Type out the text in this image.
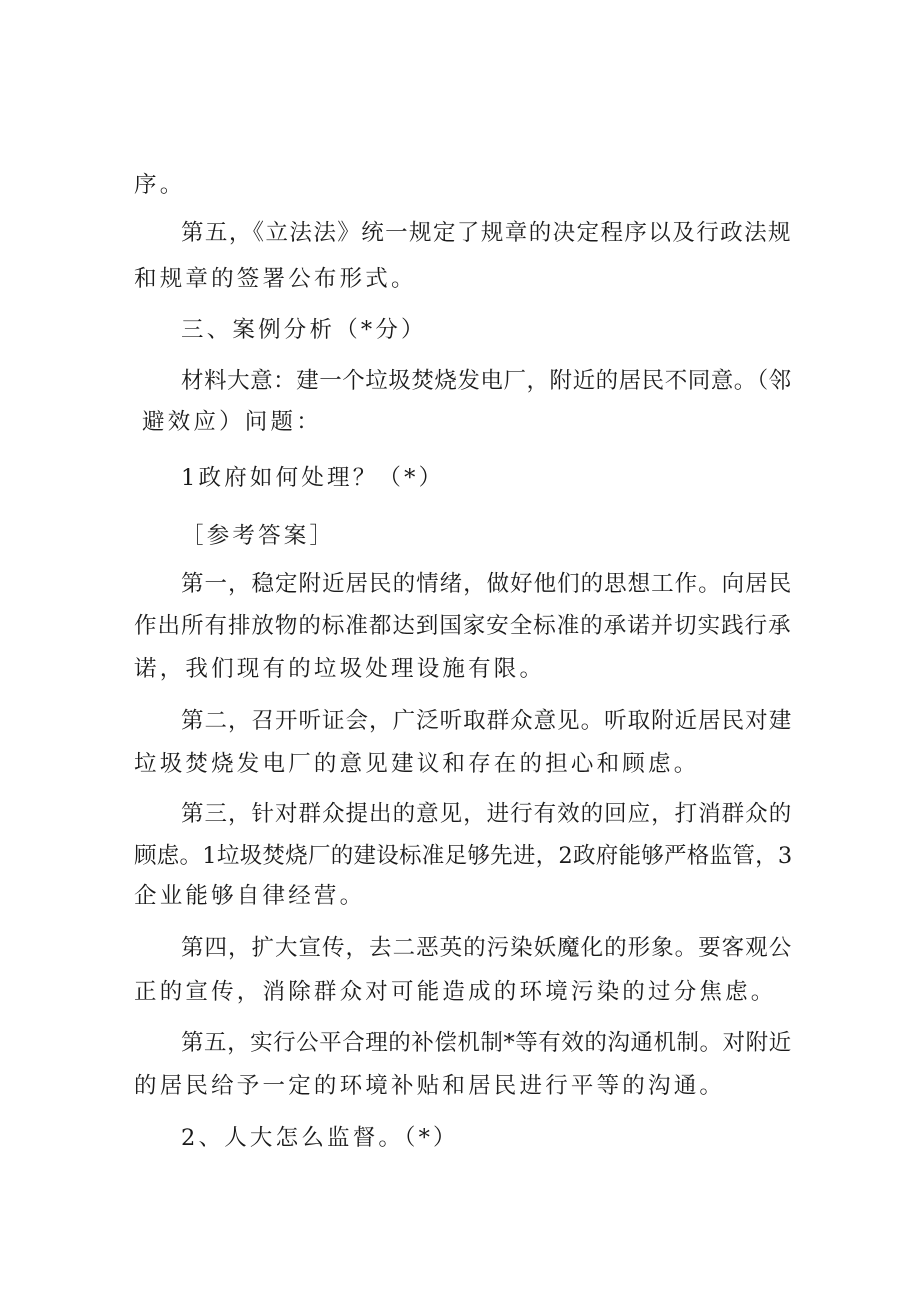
序。
第五，《立法法》统一规定了规章的决定程序以及行政法规
和规章的签署公布形式。
三、案例分析（*分）
材料大意：建一个垃圾焚烧发电厂，附近的居民不同意。（邻
避效应）问题：
1政府如何处理？（*）
［参考答案］
第一，稳定附近居民的情绪，做好他们的思想工作。向居民
作出所有排放物的标准都达到国家安全标准的承诺并切实践行承
诺，我们现有的垃圾处理设施有限。
第二，召开听证会，广泛听取群众意见。听取附近居民对建
垃圾焚烧发电厂的意见建议和存在的担心和顾虑。
第三，针对群众提出的意见，进行有效的回应，打消群众的
顾虑。1垃圾焚烧厂的建设标准足够先进，2政府能够严格监管，3
企业能够自律经营。
第四，扩大宣传，去二恶英的污染妖魔化的形象。要客观公
正的宣传，消除群众对可能造成的环境污染的过分焦虑。
第五，实行公平合理的补偿机制*等有效的沟通机制。对附近
的居民给予一定的环境补贴和居民进行平等的沟通。
2、人大怎么监督。（*）
